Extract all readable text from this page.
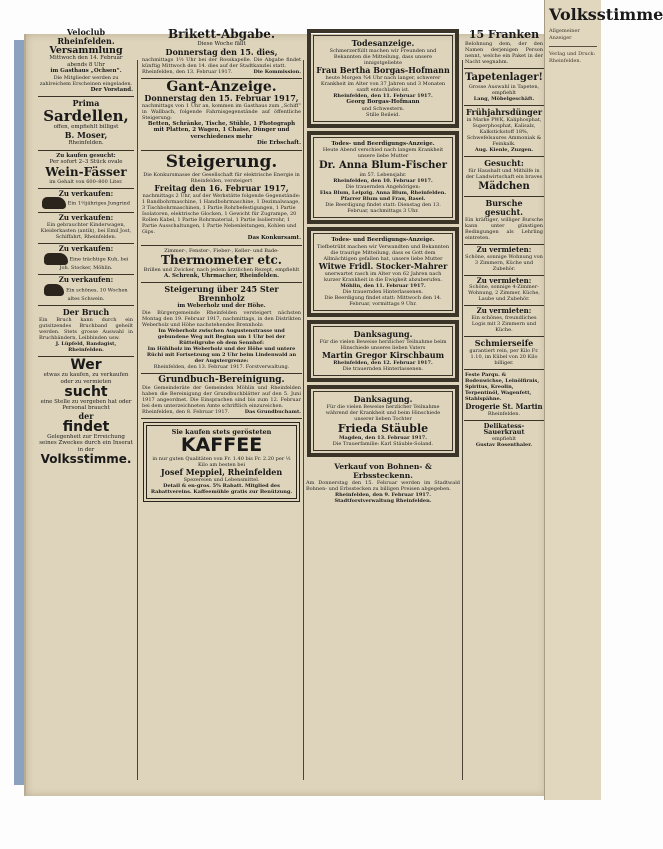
Veloclub Rheinfelden.
Versammlung
Mittwoch den 14. Februar abends 8 Uhr
im Gasthaus „Ochsen“.
Die Mitglieder werden zu zahlreichem Erscheinen eingeladen.
Der Vorstand.
Prima
Sardellen,
offen, empfiehlt billigst
B. Moser,
Rheinfelden.
Zu kaufen gesucht:
Per sofort 2–3 Stück ovale
Wein-Fässer
im Gehalt von 600–800 Liter.
Zu verkaufen:
Ein 1½jähriges Jungrind
Zu verkaufen:
Ein gebrauchter Kinderwagen, Kleiderkasten (antik), bei Emil Jost, Schiffahrt, Rheinfelden.
Zu verkaufen:
Eine trächtige Kuh, bei Joh. Stocker, Möhlin.
Zu verkaufen:
Ein schönes, 10 Wochen altes Schwein.
Der Bruch
Ein Bruch kann durch ein gutsitzendes Bruchband geheilt werden. Stets grosse Auswahl in Bruchbändern, Leibbinden usw.
J. Lüpfeld, Bandagist, Rheinfelden.
Wer
etwas zu kaufen, zu verkaufen oder zu vermieten
sucht
eine Stelle zu vergeben hat oder Personal braucht
der
findet
Gelegenheit zur Erreichung seines Zweckes durch ein Inserat in der
Volksstimme.
Brikett-Abgabe.
Diese Woche fällt
Donnerstag den 15. dies,
nachmittags 1½ Uhr bei der Rosskapelle. Die Abgabe findet künftig Mittwoch den 14. dies auf der Stadtkanzlei statt.
Rheinfelden, den 13. Februar 1917.	Die Kommission.
Gant-Anzeige.
Donnerstag den 15. Februar 1917,
nachmittags von 1 Uhr an, kommen im Gasthaus zum „Schiff“ in Wallbach, folgende Fahrnisgegenstände auf öffentliche Steigerung:
Betten, Schränke, Tische, Stühle, 1 Photograph mit Platten, 2 Wagen, 1 Chaise, Dünger und verschiedenes mehr
Die Erbschaft.
Steigerung.
Die Konkursmasse der Gesellschaft für elektrische Energie in Rheinfelden, versteigert
Freitag den 16. Februar 1917,
nachmittags 2 Uhr, auf der Werkstätte folgende Gegenstände:
1 Bandbohrmaschine, 1 Handbohrmaschine, 1 Dezimalwaage, 3 Tischbohrmaschinen, 1 Partie Rohrbefestigungen, 1 Partie Isolatoren, elektrische Glocken, 1 Gewicht für Zugrampe, 20 Rollen Kabel, 1 Partie Rohrmaterial, 1 Partie Isolierrohr, 1 Partie Ausschaltungen, 1 Partie Nebenleitungen, Kohlen und Gips.
Das Konkursamt.
Zimmer-, Fenster-, Fieber-, Keller- und Bade-
Thermometer etc.
Brillen und Zwicker, nach jedem ärztlichen Rezept, empfiehlt
A. Schrenk, Uhrmacher, Rheinfelden.
Steigerung über 245 Ster Brennholz
im Weberholz und der Höhe.
Die Bürgergemeinde Rheinfelden versteigert nächsten Montag den 19. Februar 1917, nachmittags, in den Distrikten Weberholz und Höhe nachstehendes Brennholz:
Im Weberholz zwischen Augustenstrasse und gebundene Weg mit Beginn um 1 Uhr bei der Rütteligrube ob dem Sennhof:
Im Höhlholz im Weberholz und der Höhe und untere Rüchi mit Fortsetzung um 2 Uhr beim Lindenwald an der Augstergrenze:
Rheinfelden, den 13. Februar 1917. Forstverwaltung.
Grundbuch-Bereinigung.
Die Gemeinderäte der Gemeinden Möhlin und Rheinfelden haben die Bereinigung der Grundbuchblätter auf den 5. Juni 1917 angeordnet. Die Einsprachen sind bis zum 12. Februar bei dem unterzeichneten Amte schriftlich einzureichen.
Rheinfelden, den 8. Februar 1917.	Das Grundbuchamt.
Sie kaufen stets gerösteten
KAFFEE
in nur guten Qualitäten von Fr. 1.40 bis Fr. 2.20 per ½ Kilo am besten bei
Josef Meppiel, Rheinfelden
Spezereien und Lebensmittel.
Detail & en-gros. 5% Rabatt. Mitglied des Rabattvereins. Kaffeemühle gratis zur Benützung.
Todesanzeige.
Schmerzerfüllt machen wir Freunden und Bekannten die Mitteilung, dass unsere innigstgeliebte
Frau Bertha Borgas-Hofmann
heute Morgen ¾4 Uhr nach langer, schwerer Krankheit im Alter von 37 Jahren und 3 Monaten sanft entschlafen ist.
Rheinfelden, den 11. Februar 1917.
Georg Borgas-Hofmann
und Schwestern.
Stille Beileid.
Todes- und Beerdigungs-Anzeige.
Heute Abend verschied nach langem Krankheit unsere liebe Mutter
Dr. Anna Blum-Fischer
im 57. Lebensjahr.
Rheinfelden, den 10. Februar 1917.
Die trauernden Angehörigen:
Elsa Blum, Leipzig. Anna Blum, Rheinfelden. Pfarrer Blum und Frau, Basel.
Die Beerdigung findet statt: Dienstag den 13. Februar, nachmittags 3 Uhr.
Todes- und Beerdigungs-Anzeige.
Tiefbetrübt machen wir Verwandten und Bekannten die traurige Mitteilung, dass es Gott dem Allmächtigen gefallen hat, unsere liebe Mutter
Witwe Fridl. Stocker-Mahrer
unerwartet rasch im Alter von 62 Jahren nach kurzer Krankheit in die Ewigkeit abzuberufen.
Möhlin, den 11. Februar 1917.
Die trauernden Hinterlassenen.
Die Beerdigung findet statt: Mittwoch den 14. Februar, vormittags 9 Uhr.
Danksagung.
Für die vielen Beweise herzlicher Teilnahme beim Hinschiede unseres lieben Vaters
Martin Gregor Kirschbaum
Rheinfelden, den 12. Februar 1917.
Die trauernden Hinterlassenen.
Danksagung.
Für die vielen Beweise herzlicher Teilnahme während der Krankheit und beim Hinschiede unserer lieben Tochter
Frieda Stäuble
Magden, den 13. Februar 1917.
Die Trauerfamilie: Karl Stäuble-Soland.
Verkauf von Bohnen- & Erbssteckenn.
Am Donnerstag den 15. Februar werden im Stadtwald Bohnen- und Erbsstecken zu billigen Preisen abgegeben.
Rheinfelden, den 9. Februar 1917.
Stadtforstverwaltung Rheinfelden.
15 Franken
Belohnung dem, der den Namen derjenigen Person nennt, welche ein Paket in der Nacht wegnahm.
Tapetenlager!
Grosse Auswahl in Tapeten, empfiehlt
Lang, Möbelgeschäft.
Frühjahrsdünger
in Marke PWK, Kaliphosphat, Superphosphat, Kalisalz, Kalkstickstoff 18%, Schwefelsaures Ammoniak & Feinkalk.
Aug. Kienle, Zuzgen.
Gesucht:
für Haushalt und Mithilfe in der Landwirtschaft ein braves
Mädchen
Bursche gesucht.
Ein kräftiger, williger Bursche kann unter günstigen Bedingungen als Lehrling eintreten.
Zu vermieten:
Schöne, sonnige Wohnung von 3 Zimmern, Küche und Zubehör.
Zu vermieten:
Schöne, sonnige 4-Zimmer-Wohnung, 2 Zimmer, Küche, Laube und Zubehör.
Zu vermieten:
Ein schönes, freundliches Logis mit 3 Zimmern und Küche.
Schmierseife
garantiert rein, per Kilo Fr. 1.10, im Kübel von 20 Kilo billiger.
Feste Parqu. & Bodenwichse, Leinölfirnis, Spiritus, Kreolin, Terpentinöl, Wagenfett, Stahlspähne.
Drogerie St. Martin
Rheinfelden.
Delikatess-Sauerkraut
empfiehlt
Gustav Rosenthaler.
Volksstimme
Allgemeiner Anzeiger
Verlag und Druck: Rheinfelden.
